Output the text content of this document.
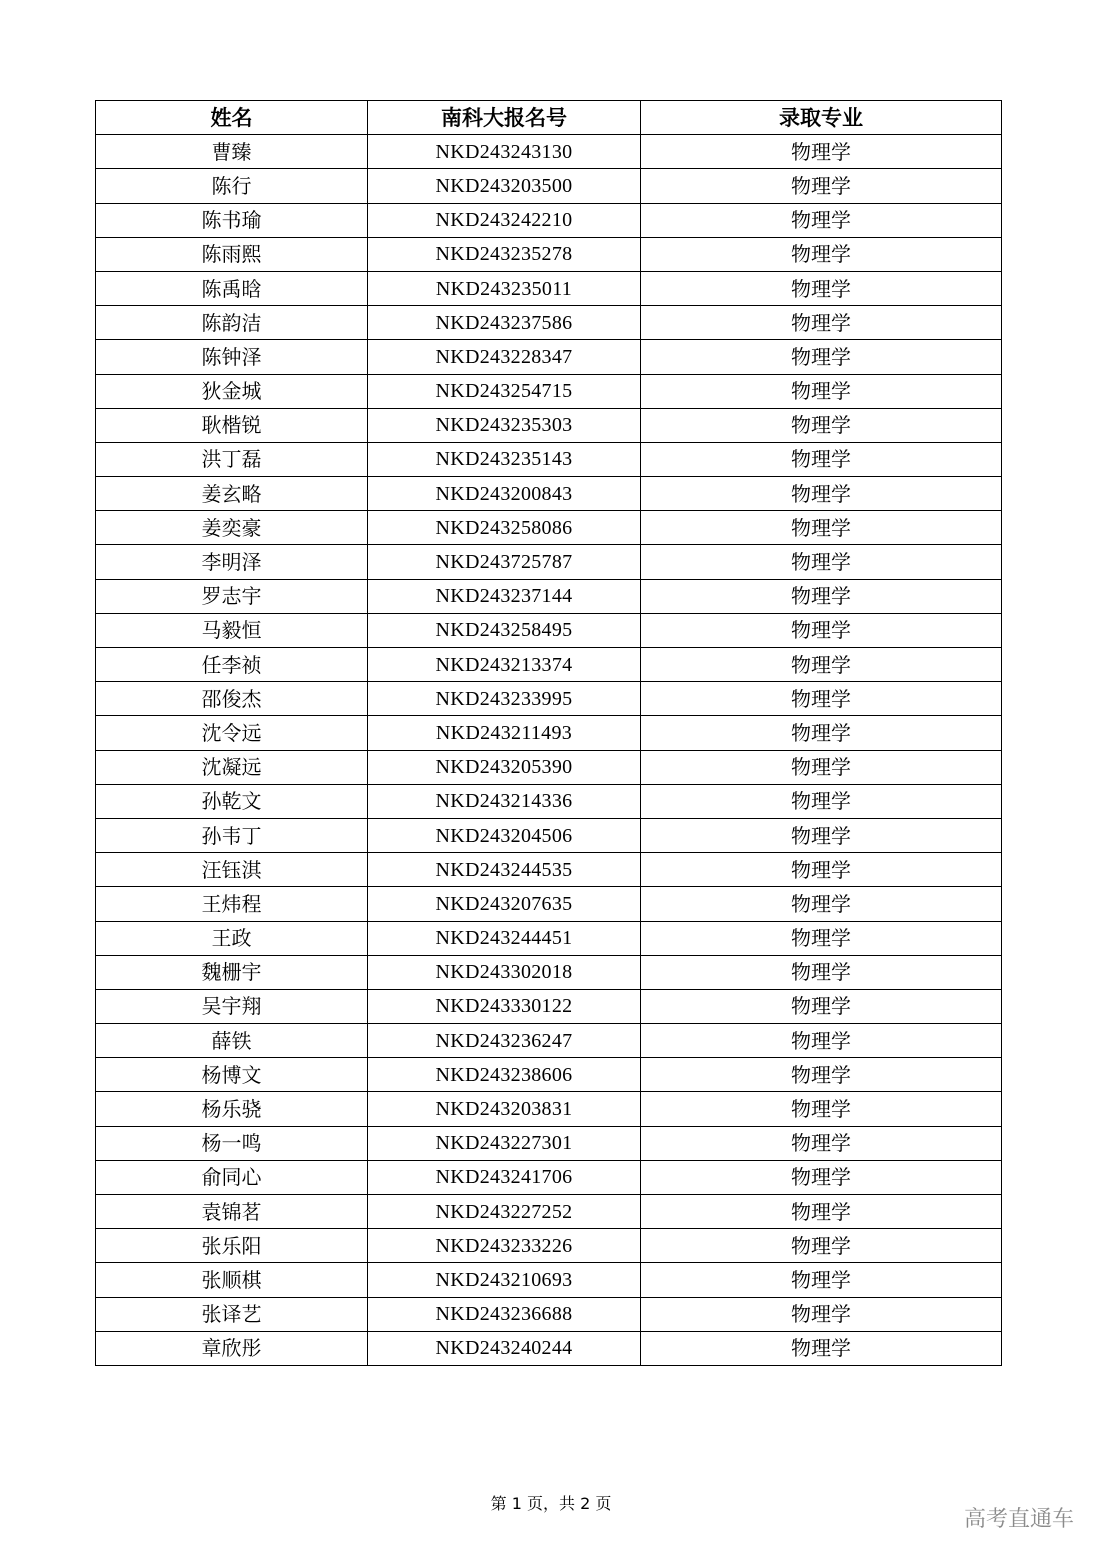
姓名	南科大报名号	录取专业
曹臻	NKD243243130	物理学
陈行	NKD243203500	物理学
陈书瑜	NKD243242210	物理学
陈雨熙	NKD243235278	物理学
陈禹晗	NKD243235011	物理学
陈韵洁	NKD243237586	物理学
陈钟泽	NKD243228347	物理学
狄金城	NKD243254715	物理学
耿楷锐	NKD243235303	物理学
洪丁磊	NKD243235143	物理学
姜玄略	NKD243200843	物理学
姜奕豪	NKD243258086	物理学
李明泽	NKD243725787	物理学
罗志宇	NKD243237144	物理学
马毅恒	NKD243258495	物理学
任李祯	NKD243213374	物理学
邵俊杰	NKD243233995	物理学
沈令远	NKD243211493	物理学
沈凝远	NKD243205390	物理学
孙乾文	NKD243214336	物理学
孙韦丁	NKD243204506	物理学
汪钰淇	NKD243244535	物理学
王炜程	NKD243207635	物理学
王政	NKD243244451	物理学
魏栅宇	NKD243302018	物理学
吴宇翔	NKD243330122	物理学
薛铁	NKD243236247	物理学
杨博文	NKD243238606	物理学
杨乐骁	NKD243203831	物理学
杨一鸣	NKD243227301	物理学
俞同心	NKD243241706	物理学
袁锦茗	NKD243227252	物理学
张乐阳	NKD243233226	物理学
张顺棋	NKD243210693	物理学
张译艺	NKD243236688	物理学
章欣彤	NKD243240244	物理学
第 1 页，共 2 页
高考直通车
